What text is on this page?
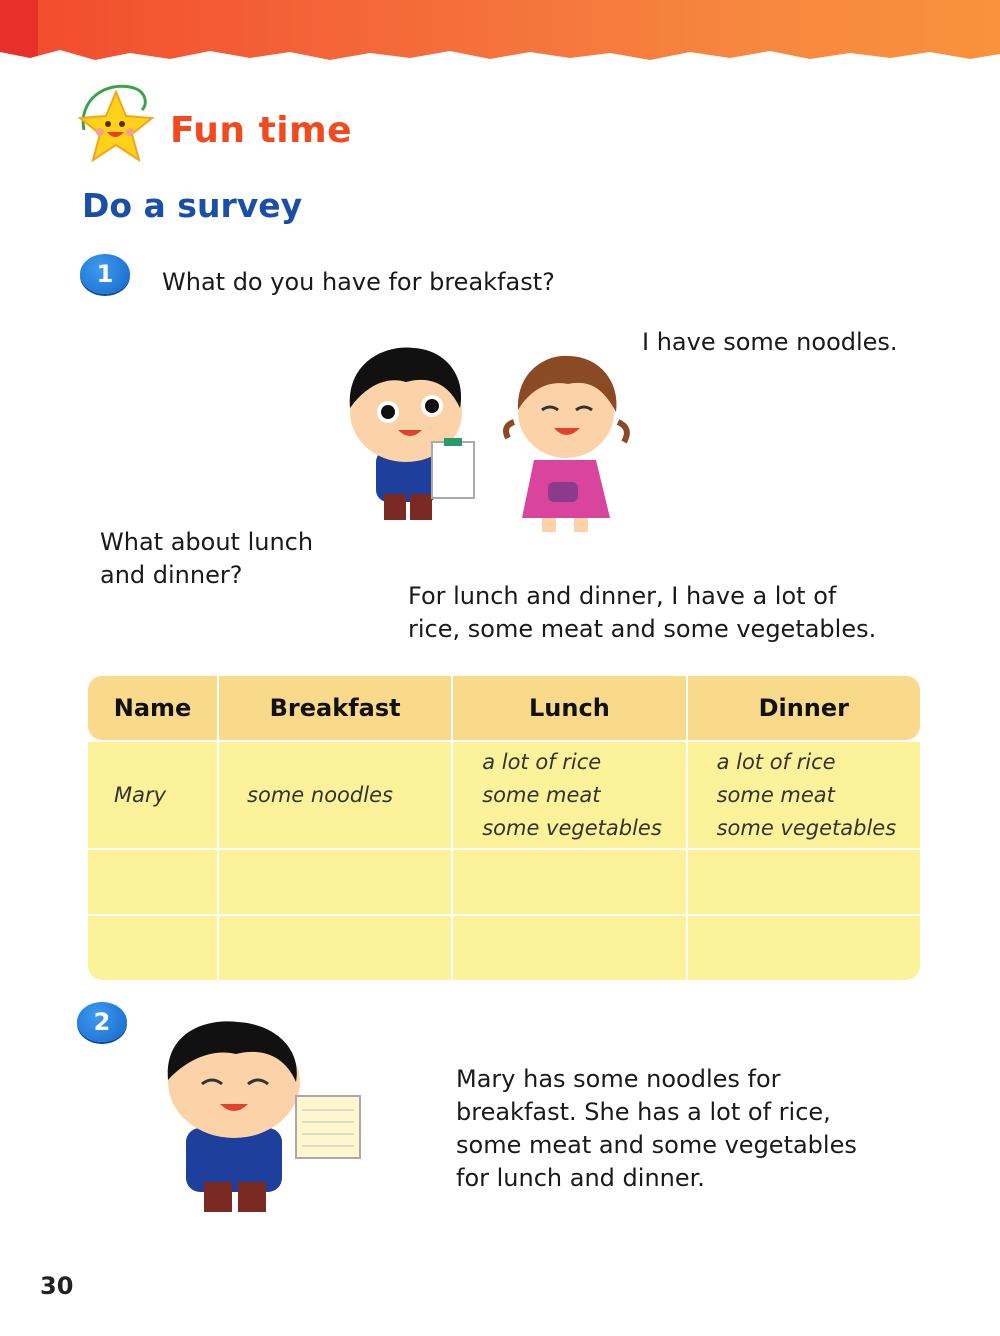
Fun time
Do a survey
1	What do you have for breakfast?
I have some noodles.
What about lunch
and dinner?
For lunch and dinner, I have a lot of
rice, some meat and some vegetables.
Name	Breakfast	Lunch	Dinner
Mary	some noodles	a lot of rice
some meat
some vegetables	a lot of rice
some meat
some vegetables

2
Mary has some noodles for
breakfast. She has a lot of rice,
some meat and some vegetables
for lunch and dinner.
30
